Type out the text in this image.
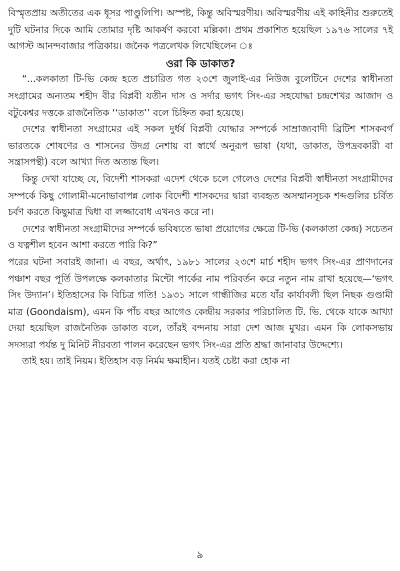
বিস্মৃতপ্রায় অতীতের এক ধূসর পাণ্ডুলিপি। অস্পষ্ট, কিন্তু অবিস্মরণীয়। অবিস্মরণীয় এই কাহিনীর শুরুতেই দুটি ঘটনার দিকে আমি তোমার দৃষ্টি আকর্ষণ করবো মল্লিকা। প্রথম প্রকাশিত হয়েছিল ১৯৭৬ সালের ৭ই আগস্ট আনন্দবাজার পত্রিকায়। জনৈক পত্রলেখক লিখেছিলেন ঃ

ওরা কি ডাকাত?

“...কলকাতা টি-ভি কেন্দ্র হতে প্রচারিত গত ২৩শে জুলাই-এর নিউজ বুলেটিনে দেশের স্বাধীনতা সংগ্রামের অন্যতম শহীদ বীর বিপ্লবী যতীন দাস ও সর্দার ভগৎ সিং-এর সহযোদ্ধা চন্দ্রশেখর আজাদ ও বটুকেশ্বর দত্তকে রাজনৈতিক ‘‘ডাকাত’’ বলে চিহ্নিত করা হয়েছে।

দেশের স্বাধীনতা সংগ্রামের এই সকল দুর্ধর্ষ বিপ্লবী যোদ্ধার সম্পর্কে সাম্রাজ্যবাদী ব্রিটিশ শাসকবর্গ ভারতকে শোষণের ও শাসনের উদগ্র নেশায় বা স্বার্থে অনুরূপ ভাষা (যথা, ডাকাত, উপদ্রবকারী বা সন্ত্রাসপন্থী) বলে আখ্যা দিত অত্যন্ত ছিল।

কিন্তু দেখা যাচ্ছে যে, বিদেশী শাসকরা এদেশ থেকে চলে গেলেও দেশের বিপ্লবী স্বাধীনতা সংগ্রামীদের সম্পর্কে কিছু গোলামী-মনোভাবাপন্ন লোক বিদেশী শাসকদের দ্বারা ব্যবহৃত অসম্মানসূচক শব্দগুলির চর্বিত চর্বণ করতে কিছুমাত্র দ্বিধা বা লজ্জাবোধ এখনও করে না।

দেশের স্বাধীনতা সংগ্রামীদের সম্পর্কে ভবিষ্যতে ভাষা প্রয়োগের ক্ষেত্রে টি-ভি (কলকাতা কেন্দ্র) সচেতন ও যত্নশীল হবেন আশা করতে পারি কি?”

পরের ঘটনা সবারই জানা। এ বছর, অর্থাৎ, ১৯৮১ সালের ২৩শে মার্চ শহীদ ভগৎ সিং-এর প্রাণদানের পঞ্চাশ বছর পূর্তি উপলক্ষে কলকাতার মিন্টো পার্কের নাম পরিবর্তন করে নতুন নাম রাখা হয়েছে—‘ভগৎ সিং উদ্যান’। ইতিহাসের কি বিচিত্র গতি! ১৯৩১ সালে গান্ধীজির মতে যাঁর কার্যাবলী ছিল নিছক গুণ্ডামী মাত্র (Goondaism), এমন কি পাঁচ বছর আগেও কেন্দ্রীয় সরকার পরিচালিত টি. ভি. থেকে যাকে আখ্যা দেয়া হয়েছিল রাজনৈতিক ডাকাত বলে, তাঁরই বন্দনায় সারা দেশ আজ মুখর। এমন কি লোকসভায় সদস্যরা পর্যন্ত দু মিনিট নীরবতা পালন করেছেন ভগৎ সিং-এর প্রতি শ্রদ্ধা জানাবার উদ্দেশ্যে।

তাই হয়। তাই নিয়ম। ইতিহাস বড় নির্মম ক্ষমাহীন। যতই চেষ্টা করা হোক না

৯
